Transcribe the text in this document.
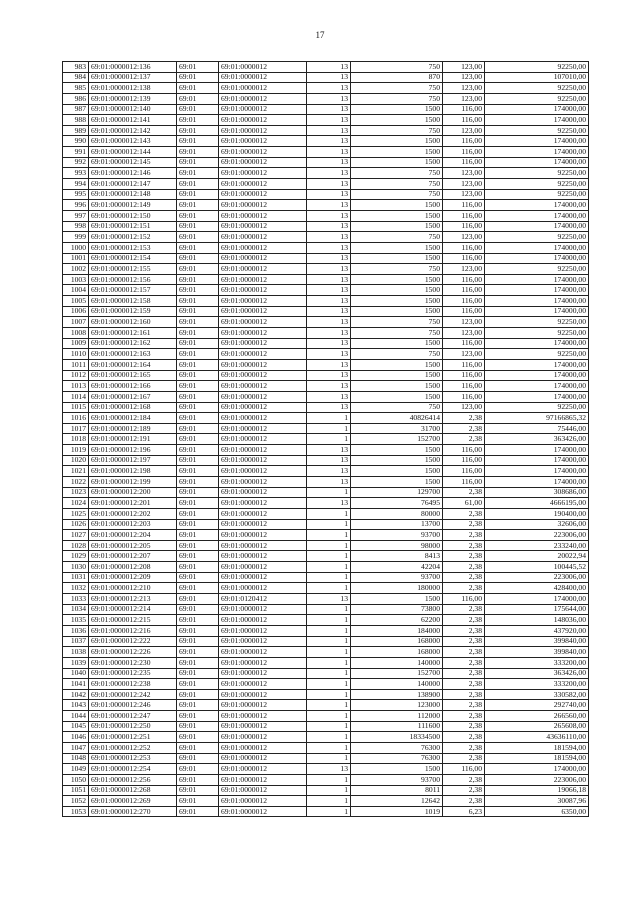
17
983	69:01:0000012:136	69:01	69:01:0000012	13	750	123,00	92250,00
984	69:01:0000012:137	69:01	69:01:0000012	13	870	123,00	107010,00
985	69:01:0000012:138	69:01	69:01:0000012	13	750	123,00	92250,00
986	69:01:0000012:139	69:01	69:01:0000012	13	750	123,00	92250,00
987	69:01:0000012:140	69:01	69:01:0000012	13	1500	116,00	174000,00
988	69:01:0000012:141	69:01	69:01:0000012	13	1500	116,00	174000,00
989	69:01:0000012:142	69:01	69:01:0000012	13	750	123,00	92250,00
990	69:01:0000012:143	69:01	69:01:0000012	13	1500	116,00	174000,00
991	69:01:0000012:144	69:01	69:01:0000012	13	1500	116,00	174000,00
992	69:01:0000012:145	69:01	69:01:0000012	13	1500	116,00	174000,00
993	69:01:0000012:146	69:01	69:01:0000012	13	750	123,00	92250,00
994	69:01:0000012:147	69:01	69:01:0000012	13	750	123,00	92250,00
995	69:01:0000012:148	69:01	69:01:0000012	13	750	123,00	92250,00
996	69:01:0000012:149	69:01	69:01:0000012	13	1500	116,00	174000,00
997	69:01:0000012:150	69:01	69:01:0000012	13	1500	116,00	174000,00
998	69:01:0000012:151	69:01	69:01:0000012	13	1500	116,00	174000,00
999	69:01:0000012:152	69:01	69:01:0000012	13	750	123,00	92250,00
1000	69:01:0000012:153	69:01	69:01:0000012	13	1500	116,00	174000,00
1001	69:01:0000012:154	69:01	69:01:0000012	13	1500	116,00	174000,00
1002	69:01:0000012:155	69:01	69:01:0000012	13	750	123,00	92250,00
1003	69:01:0000012:156	69:01	69:01:0000012	13	1500	116,00	174000,00
1004	69:01:0000012:157	69:01	69:01:0000012	13	1500	116,00	174000,00
1005	69:01:0000012:158	69:01	69:01:0000012	13	1500	116,00	174000,00
1006	69:01:0000012:159	69:01	69:01:0000012	13	1500	116,00	174000,00
1007	69:01:0000012:160	69:01	69:01:0000012	13	750	123,00	92250,00
1008	69:01:0000012:161	69:01	69:01:0000012	13	750	123,00	92250,00
1009	69:01:0000012:162	69:01	69:01:0000012	13	1500	116,00	174000,00
1010	69:01:0000012:163	69:01	69:01:0000012	13	750	123,00	92250,00
1011	69:01:0000012:164	69:01	69:01:0000012	13	1500	116,00	174000,00
1012	69:01:0000012:165	69:01	69:01:0000012	13	1500	116,00	174000,00
1013	69:01:0000012:166	69:01	69:01:0000012	13	1500	116,00	174000,00
1014	69:01:0000012:167	69:01	69:01:0000012	13	1500	116,00	174000,00
1015	69:01:0000012:168	69:01	69:01:0000012	13	750	123,00	92250,00
1016	69:01:0000012:184	69:01	69:01:0000012	1	40826414	2,38	97166865,32
1017	69:01:0000012:189	69:01	69:01:0000012	1	31700	2,38	75446,00
1018	69:01:0000012:191	69:01	69:01:0000012	1	152700	2,38	363426,00
1019	69:01:0000012:196	69:01	69:01:0000012	13	1500	116,00	174000,00
1020	69:01:0000012:197	69:01	69:01:0000012	13	1500	116,00	174000,00
1021	69:01:0000012:198	69:01	69:01:0000012	13	1500	116,00	174000,00
1022	69:01:0000012:199	69:01	69:01:0000012	13	1500	116,00	174000,00
1023	69:01:0000012:200	69:01	69:01:0000012	1	129700	2,38	308686,00
1024	69:01:0000012:201	69:01	69:01:0000012	13	76495	61,00	4666195,00
1025	69:01:0000012:202	69:01	69:01:0000012	1	80000	2,38	190400,00
1026	69:01:0000012:203	69:01	69:01:0000012	1	13700	2,38	32606,00
1027	69:01:0000012:204	69:01	69:01:0000012	1	93700	2,38	223006,00
1028	69:01:0000012:205	69:01	69:01:0000012	1	98000	2,38	233240,00
1029	69:01:0000012:207	69:01	69:01:0000012	1	8413	2,38	20022,94
1030	69:01:0000012:208	69:01	69:01:0000012	1	42204	2,38	100445,52
1031	69:01:0000012:209	69:01	69:01:0000012	1	93700	2,38	223006,00
1032	69:01:0000012:210	69:01	69:01:0000012	1	180000	2,38	428400,00
1033	69:01:0000012:213	69:01	69:01:0120412	13	1500	116,00	174000,00
1034	69:01:0000012:214	69:01	69:01:0000012	1	73800	2,38	175644,00
1035	69:01:0000012:215	69:01	69:01:0000012	1	62200	2,38	148036,00
1036	69:01:0000012:216	69:01	69:01:0000012	1	184000	2,38	437920,00
1037	69:01:0000012:222	69:01	69:01:0000012	1	168000	2,38	399840,00
1038	69:01:0000012:226	69:01	69:01:0000012	1	168000	2,38	399840,00
1039	69:01:0000012:230	69:01	69:01:0000012	1	140000	2,38	333200,00
1040	69:01:0000012:235	69:01	69:01:0000012	1	152700	2,38	363426,00
1041	69:01:0000012:238	69:01	69:01:0000012	1	140000	2,38	333200,00
1042	69:01:0000012:242	69:01	69:01:0000012	1	138900	2,38	330582,00
1043	69:01:0000012:246	69:01	69:01:0000012	1	123000	2,38	292740,00
1044	69:01:0000012:247	69:01	69:01:0000012	1	112000	2,38	266560,00
1045	69:01:0000012:250	69:01	69:01:0000012	1	111600	2,38	265608,00
1046	69:01:0000012:251	69:01	69:01:0000012	1	18334500	2,38	43636110,00
1047	69:01:0000012:252	69:01	69:01:0000012	1	76300	2,38	181594,00
1048	69:01:0000012:253	69:01	69:01:0000012	1	76300	2,38	181594,00
1049	69:01:0000012:254	69:01	69:01:0000012	13	1500	116,00	174000,00
1050	69:01:0000012:256	69:01	69:01:0000012	1	93700	2,38	223006,00
1051	69:01:0000012:268	69:01	69:01:0000012	1	8011	2,38	19066,18
1052	69:01:0000012:269	69:01	69:01:0000012	1	12642	2,38	30087,96
1053	69:01:0000012:270	69:01	69:01:0000012	1	1019	6,23	6350,00
